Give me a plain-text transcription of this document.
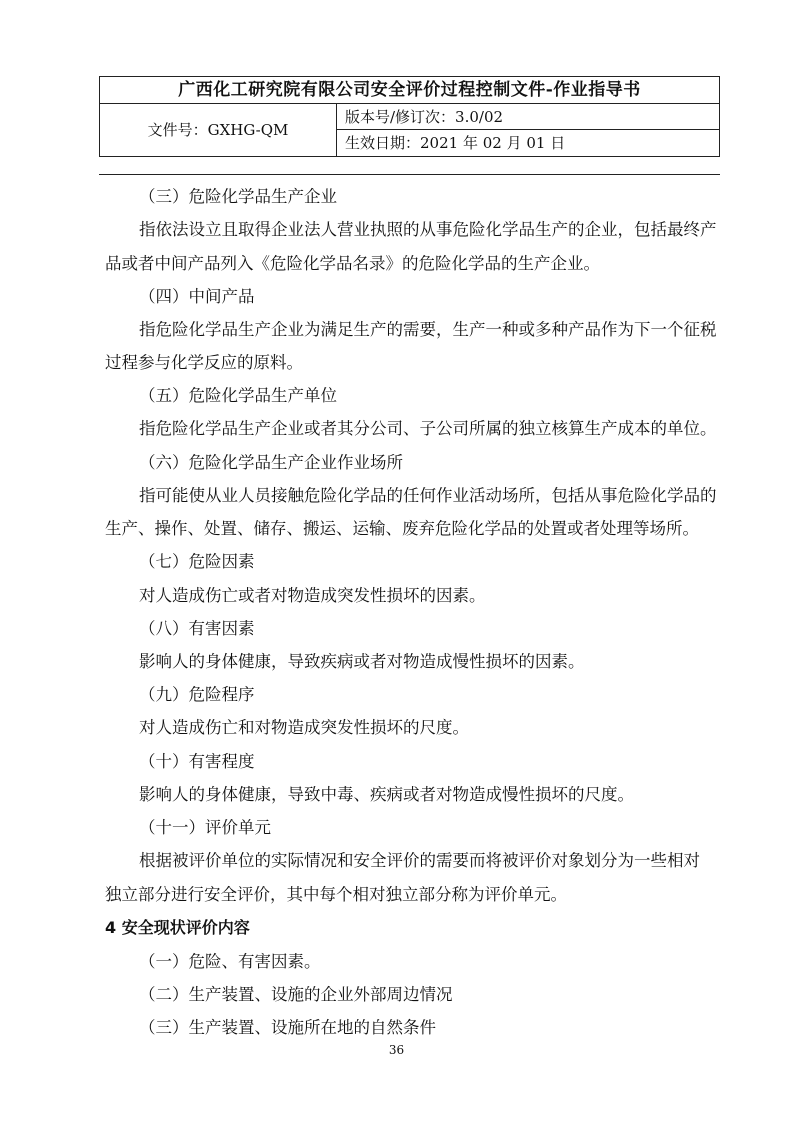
广西化工研究院有限公司安全评价过程控制文件-作业指导书
文件号：GXHG-QM
版本号/修订次：3.0/02
生效日期：2021 年 02 月 01 日
（三）危险化学品生产企业
指依法设立且取得企业法人营业执照的从事危险化学品生产的企业，包括最终产
品或者中间产品列入《危险化学品名录》的危险化学品的生产企业。
（四）中间产品
指危险化学品生产企业为满足生产的需要，生产一种或多种产品作为下一个征税
过程参与化学反应的原料。
（五）危险化学品生产单位
指危险化学品生产企业或者其分公司、子公司所属的独立核算生产成本的单位。
（六）危险化学品生产企业作业场所
指可能使从业人员接触危险化学品的任何作业活动场所，包括从事危险化学品的
生产、操作、处置、储存、搬运、运输、废弃危险化学品的处置或者处理等场所。
（七）危险因素
对人造成伤亡或者对物造成突发性损坏的因素。
（八）有害因素
影响人的身体健康，导致疾病或者对物造成慢性损坏的因素。
（九）危险程序
对人造成伤亡和对物造成突发性损坏的尺度。
（十）有害程度
影响人的身体健康，导致中毒、疾病或者对物造成慢性损坏的尺度。
（十一）评价单元
根据被评价单位的实际情况和安全评价的需要而将被评价对象划分为一些相对
独立部分进行安全评价，其中每个相对独立部分称为评价单元。
4 安全现状评价内容
（一）危险、有害因素。
（二）生产装置、设施的企业外部周边情况
（三）生产装置、设施所在地的自然条件
36
